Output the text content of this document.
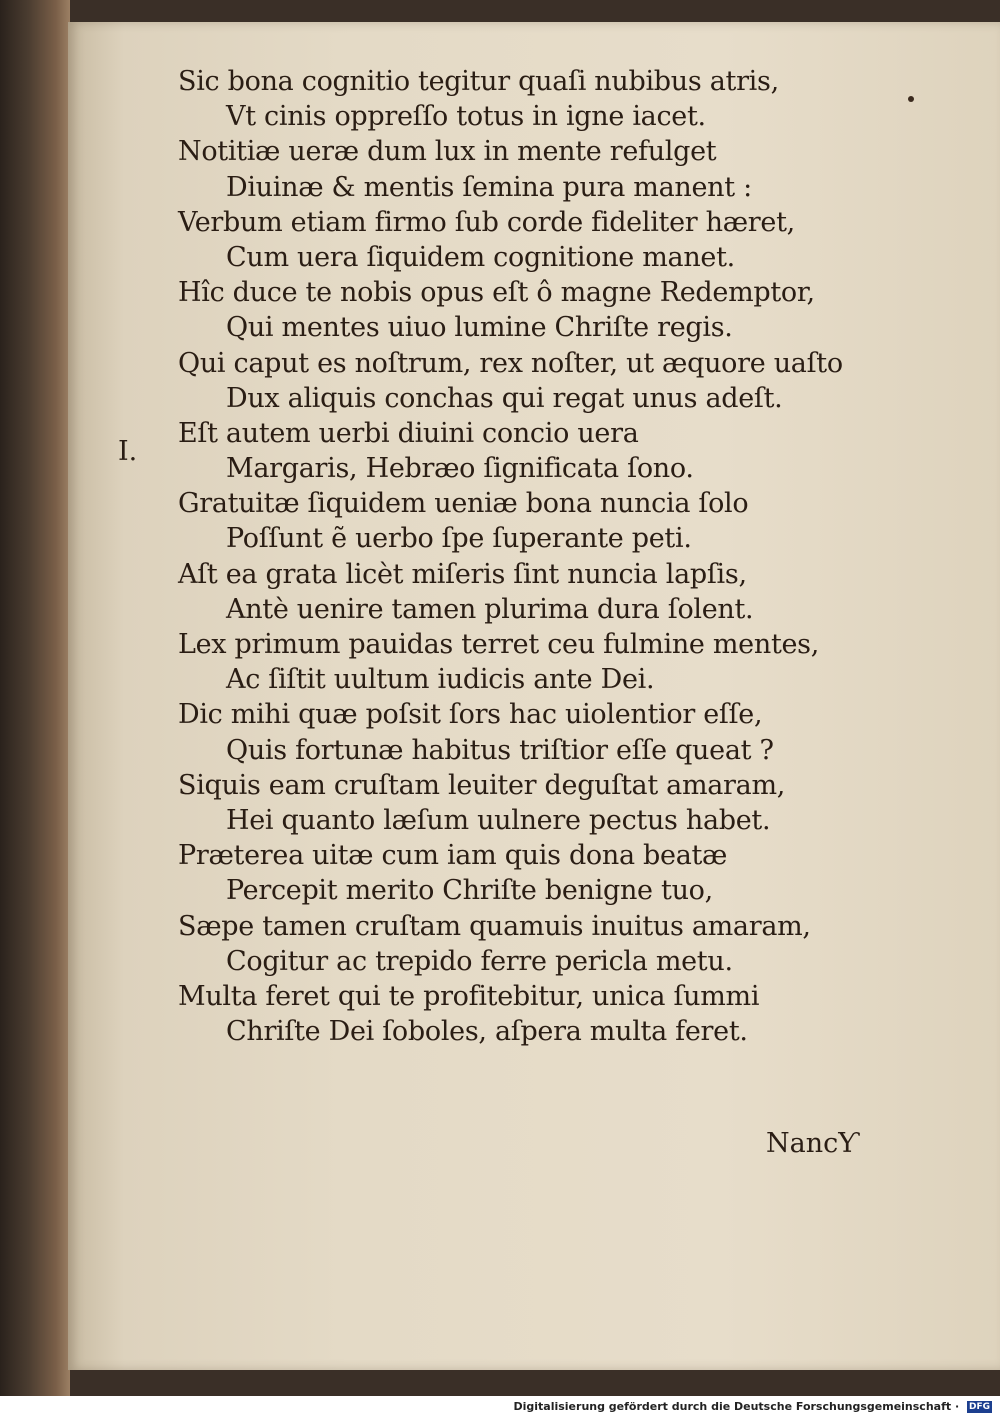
I.
Sic bona cognitio tegitur quaſi nubibus atris,
Vt cinis oppreſſo totus in igne iacet.
Notitiæ ueræ dum lux in mente refulget
Diuinæ & mentis ſemina pura manent :
Verbum etiam firmo ſub corde fideliter hæret,
Cum uera ſiquidem cognitione manet.
Hîc duce te nobis opus eſt ô magne Redemptor,
Qui mentes uiuo lumine Chriſte regis.
Qui caput es noſtrum, rex noſter, ut æquore uaſto
Dux aliquis conchas qui regat unus adeſt.
Eſt autem uerbi diuini concio uera
Margaris, Hebræo ſignificata ſono.
Gratuitæ ſiquidem ueniæ bona nuncia ſolo
Poſſunt ẽ uerbo ſpe ſuperante peti.
Aſt ea grata licèt miſeris ſint nuncia lapſis,
Antè uenire tamen plurima dura ſolent.
Lex primum pauidas terret ceu fulmine mentes,
Ac ſiſtit uultum iudicis ante Dei.
Dic mihi quæ poſsit ſors hac uiolentior eſſe,
Quis fortunæ habitus triſtior eſſe queat ?
Siquis eam cruſtam leuiter deguſtat amaram,
Hei quanto læſum uulnere pectus habet.
Præterea uitæ cum iam quis dona beatæ
Percepit merito Chriſte benigne tuo,
Sæpe tamen cruſtam quamuis inuitus amaram,
Cogitur ac trepido ferre pericla metu.
Multa feret qui te profitebitur, unica ſummi
Chriſte Dei ſoboles, aſpera multa feret.
NancƳ
Digitalisierung gefördert durch die Deutsche Forschungsgemeinschaft · DFG
